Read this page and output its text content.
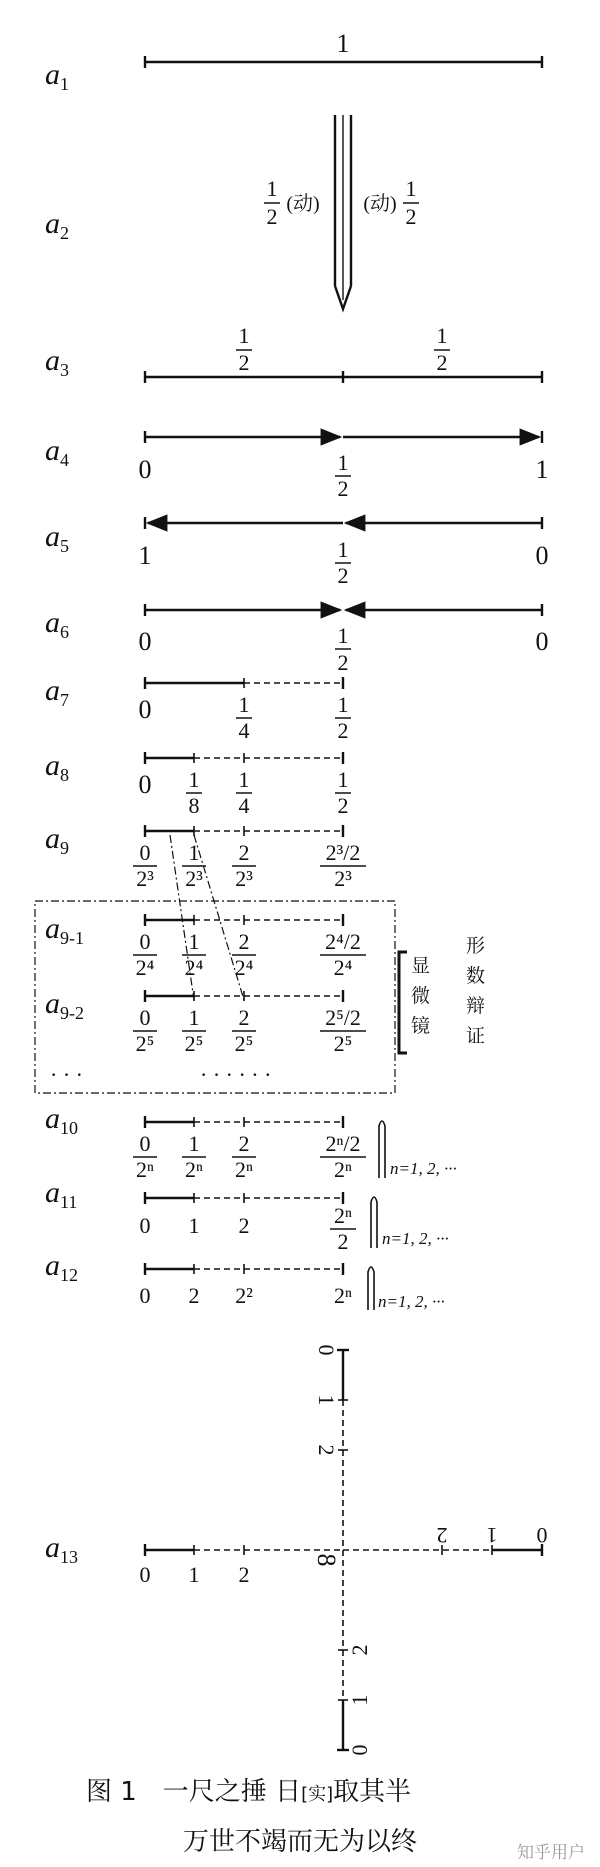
$a_1$
$a_2$
$a_3$
$a_4$
$a_5$
$a_6$
$a_7$
$a_8$
$a_9$
$a_{9-1}$
$a_{9-2}$
$a_{10}$
$a_{11}$
$a_{12}$
$a_{13}$
1
1
2 (动) (动)
1
2
1
2
1
2
0	1
2
1
1	1
2
0
0	1
2
0
0	1
4
1
2
0 1
8
1
4
1
2
0
2³
1
2³
2
2³
2³/2
2³
0
2⁴
1
2⁴
2
2⁴
2⁴/2
2⁴
0
2⁵
1
2⁵
2
2⁵
2⁵/2
2⁵
· · ·	· · · · · ·
0
2ⁿ
1
2ⁿ
2
2ⁿ
2ⁿ/2
2ⁿ n=1, 2, ···
0 1 2	2ⁿ
2 n=1, 2, ···
0 2 2²	2ⁿ n=1, 2, ···
0 1 2
0
1
2
0
1
2
2
1
0
8
显
微
镜
形
数
辩
证
图 1　一尺之捶 日[实]取其半
万世不竭而无为以终	知乎用户
